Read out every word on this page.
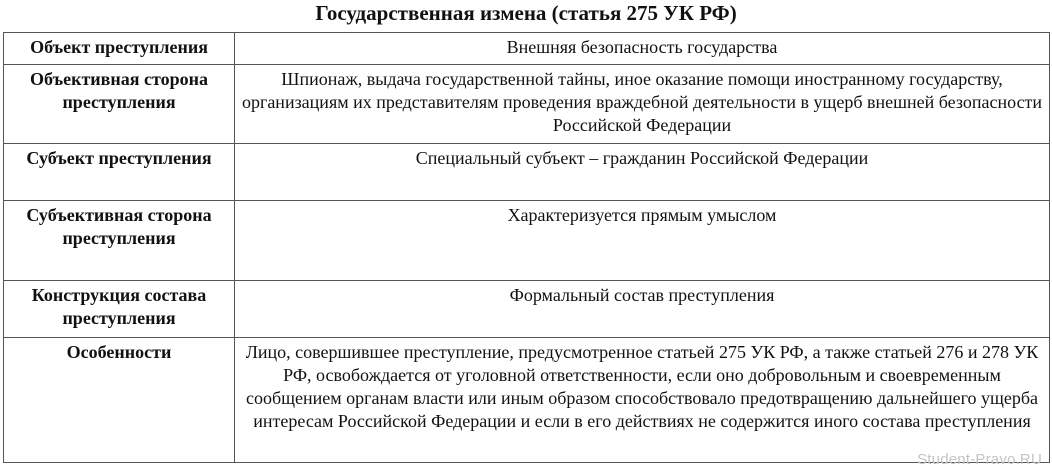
Государственная измена (статья 275 УК РФ)
Объект преступления	Внешняя безопасность государства
Объективная сторона преступления	Шпионаж, выдача государственной тайны, иное оказание помощи иностранному государству, организациям их представителям проведения враждебной деятельности в ущерб внешней безопасности Российской Федерации
Субъект преступления	Специальный субъект – гражданин Российской Федерации
Субъективная сторона преступления	Характеризуется прямым умыслом
Конструкция состава преступления	Формальный состав преступления
Особенности	Лицо, совершившее преступление, предусмотренное статьей 275 УК РФ, а также статьей 276 и 278 УК РФ, освобождается от уголовной ответственности, если оно добровольным и своевременным сообщением органам власти или иным образом способствовало предотвращению дальнейшего ущерба интересам Российской Федерации и если в его действиях не содержится иного состава преступления
Student-Pravo.RU
